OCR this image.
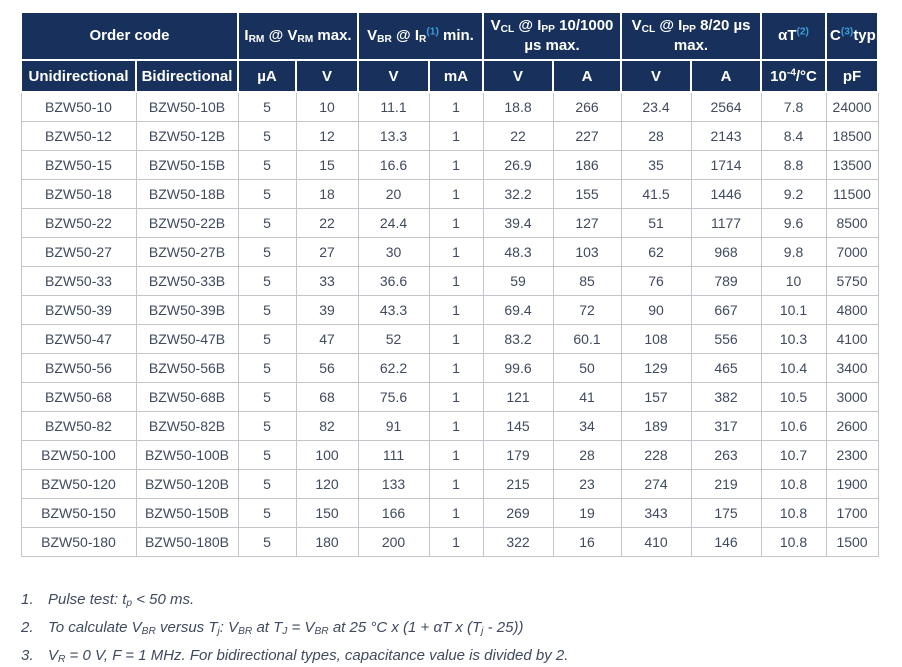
Order code		$I_{RM}$ @ $V_{RM}$ max.		$V_{BR}$ @ $I_R^{(1)}$ min.		$V_{CL}$ @ $I_{PP}$ 10/1000 µs max.		$V_{CL}$ @ $I_{PP}$ 8/20 µs max.		$\alpha T^{(2)}$	$C^{(3)}typ$.
Unidirectional	Bidirectional	µA	V	V	mA	V	A	V	A	$10^{-4}/^\circ C$	pF
BZW50-10	BZW50-10B	5	10	11.1	1	18.8	266	23.4	2564	7.8	24000
BZW50-12	BZW50-12B	5	12	13.3	1	22	227	28	2143	8.4	18500
BZW50-15	BZW50-15B	5	15	16.6	1	26.9	186	35	1714	8.8	13500
BZW50-18	BZW50-18B	5	18	20	1	32.2	155	41.5	1446	9.2	11500
BZW50-22	BZW50-22B	5	22	24.4	1	39.4	127	51	1177	9.6	8500
BZW50-27	BZW50-27B	5	27	30	1	48.3	103	62	968	9.8	7000
BZW50-33	BZW50-33B	5	33	36.6	1	59	85	76	789	10	5750
BZW50-39	BZW50-39B	5	39	43.3	1	69.4	72	90	667	10.1	4800
BZW50-47	BZW50-47B	5	47	52	1	83.2	60.1	108	556	10.3	4100
BZW50-56	BZW50-56B	5	56	62.2	1	99.6	50	129	465	10.4	3400
BZW50-68	BZW50-68B	5	68	75.6	1	121	41	157	382	10.5	3000
BZW50-82	BZW50-82B	5	82	91	1	145	34	189	317	10.6	2600
BZW50-100	BZW50-100B	5	100	111	1	179	28	228	263	10.7	2300
BZW50-120	BZW50-120B	5	120	133	1	215	23	274	219	10.8	1900
BZW50-150	BZW50-150B	5	150	166	1	269	19	343	175	10.8	1700
BZW50-180	BZW50-180B	5	180	200	1	322	16	410	146	10.8	1500
1. Pulse test: $t_p < 50$ ms.
2. To calculate $V_{BR}$ versus $T_j$: $V_{BR}$ at $T_J = V_{BR}$ at 25 °C x (1 + αT x $(T_j - 25)$)
3. $V_R = 0$ V, F = 1 MHz. For bidirectional types, capacitance value is divided by 2.
